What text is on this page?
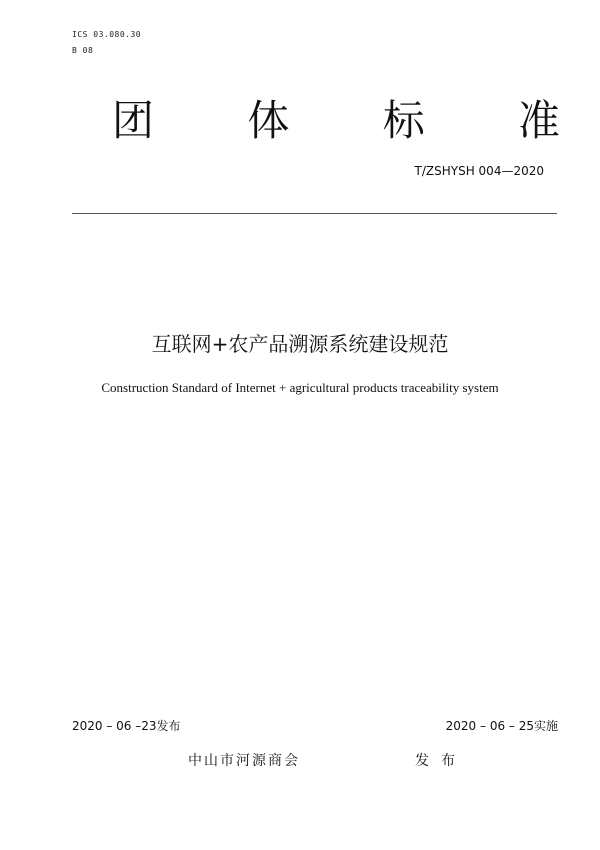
ICS 03.080.30
B 08
团 体 标 准
T/ZSHYSH 004—2020
互联网+农产品溯源系统建设规范
Construction Standard of Internet + agricultural products traceability system
2020 – 06 –23发布	2020 – 06 – 25实施
中山市河源商会	发布
